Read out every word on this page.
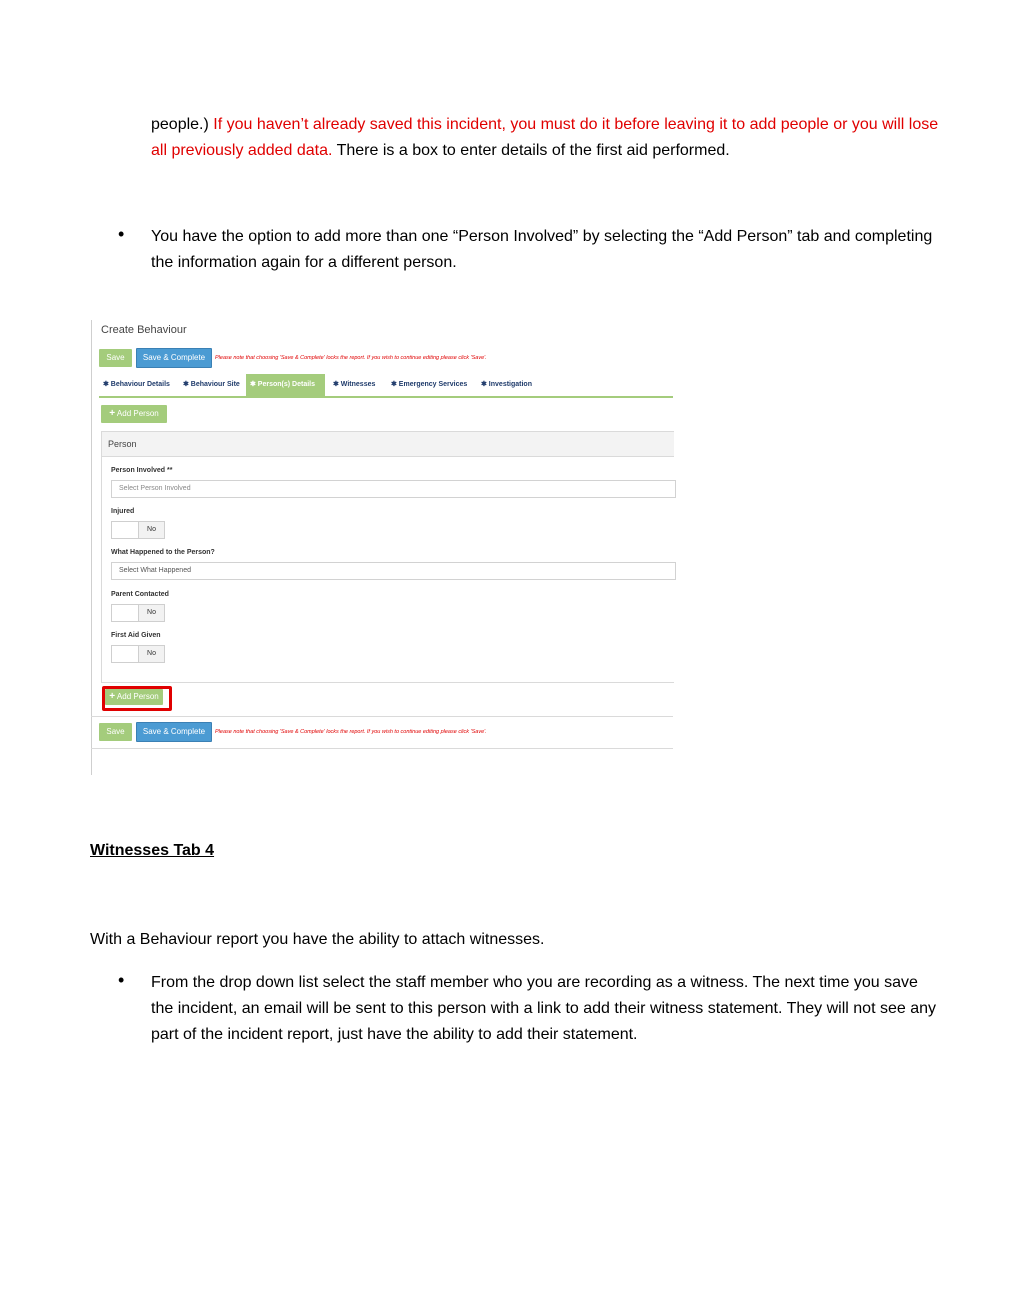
people.) If you haven’t already saved this incident, you must do it before leaving it to add people or you will lose all previously added data. There is a box to enter details of the first aid performed.
• You have the option to add more than one “Person Involved” by selecting the “Add Person” tab and completing the information again for a different person.
Create Behaviour
Save	Save & Complete	Please note that choosing 'Save & Complete' locks the report. If you wish to continue editing please click 'Save'.
✱ Behaviour Details	✱ Behaviour Site	✱ Person(s) Details	✱ Witnesses	✱ Emergency Services	✱ Investigation
+ Add Person
Person
Person Involved **
Select Person Involved
Injured
No
What Happened to the Person?
Select What Happened
Parent Contacted
No
First Aid Given
No
+ Add Person
Save	Save & Complete	Please note that choosing 'Save & Complete' locks the report. If you wish to continue editing please click 'Save'.
Witnesses Tab 4
With a Behaviour report you have the ability to attach witnesses.
• From the drop down list select the staff member who you are recording as a witness. The next time you save the incident, an email will be sent to this person with a link to add their witness statement. They will not see any part of the incident report, just have the ability to add their statement.
